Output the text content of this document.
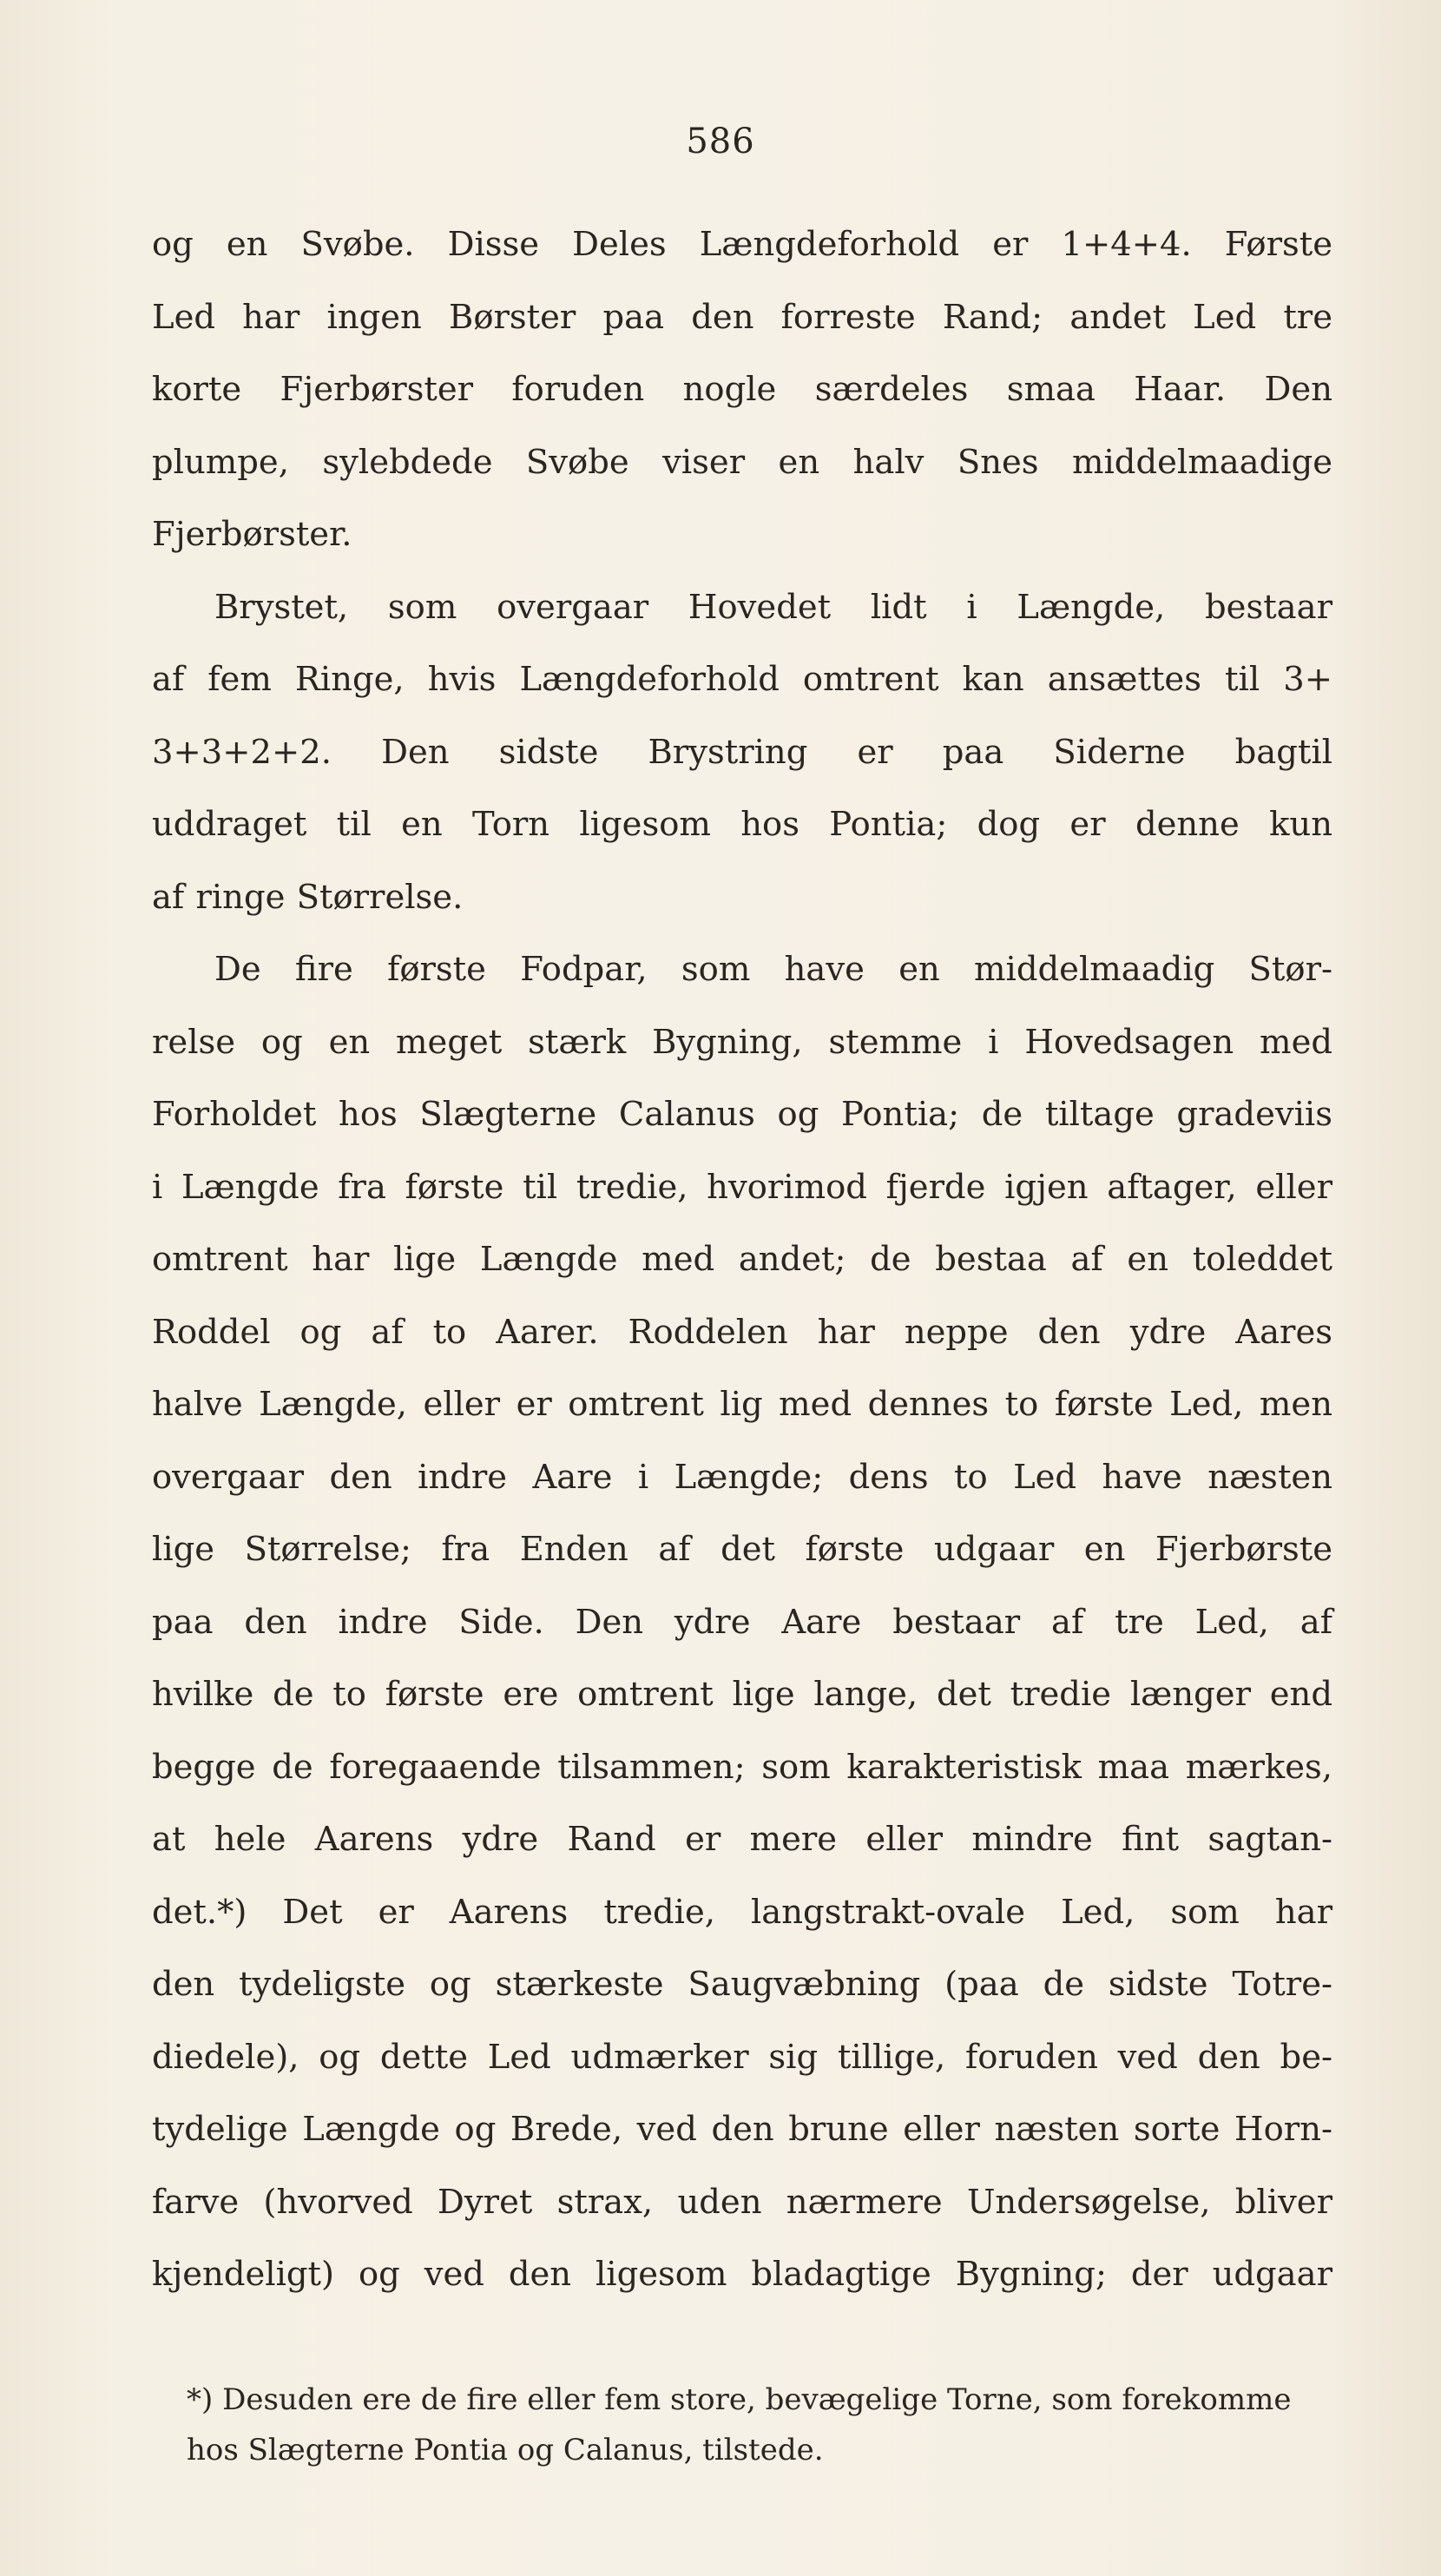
586

og en Svøbe. Disse Deles Længdeforhold er 1+4+4. Første
Led har ingen Børster paa den forreste Rand; andet Led tre
korte Fjerbørster foruden nogle særdeles smaa Haar. Den
plumpe, sylebdede Svøbe viser en halv Snes middelmaadige
Fjerbørster.

Brystet, som overgaar Hovedet lidt i Længde, bestaar
af fem Ringe, hvis Længdeforhold omtrent kan ansættes til 3+
3+3+2+2. Den sidste Brystring er paa Siderne bagtil
uddraget til en Torn ligesom hos Pontia; dog er denne kun
af ringe Størrelse.

De fire første Fodpar, som have en middelmaadig Stør-
relse og en meget stærk Bygning, stemme i Hovedsagen med
Forholdet hos Slægterne Calanus og Pontia; de tiltage gradeviis
i Længde fra første til tredie, hvorimod fjerde igjen aftager, eller
omtrent har lige Længde med andet; de bestaa af en toleddet
Roddel og af to Aarer. Roddelen har neppe den ydre Aares
halve Længde, eller er omtrent lig med dennes to første Led, men
overgaar den indre Aare i Længde; dens to Led have næsten
lige Størrelse; fra Enden af det første udgaar en Fjerbørste
paa den indre Side. Den ydre Aare bestaar af tre Led, af
hvilke de to første ere omtrent lige lange, det tredie længer end
begge de foregaaende tilsammen; som karakteristisk maa mærkes,
at hele Aarens ydre Rand er mere eller mindre fint sagtan-
det.*) Det er Aarens tredie, langstrakt-ovale Led, som har
den tydeligste og stærkeste Saugvæbning (paa de sidste Totre-
diedele), og dette Led udmærker sig tillige, foruden ved den be-
tydelige Længde og Brede, ved den brune eller næsten sorte Horn-
farve (hvorved Dyret strax, uden nærmere Undersøgelse, bliver
kjendeligt) og ved den ligesom bladagtige Bygning; der udgaar

*) Desuden ere de fire eller fem store, bevægelige Torne, som forekomme
hos Slægterne Pontia og Calanus, tilstede.
